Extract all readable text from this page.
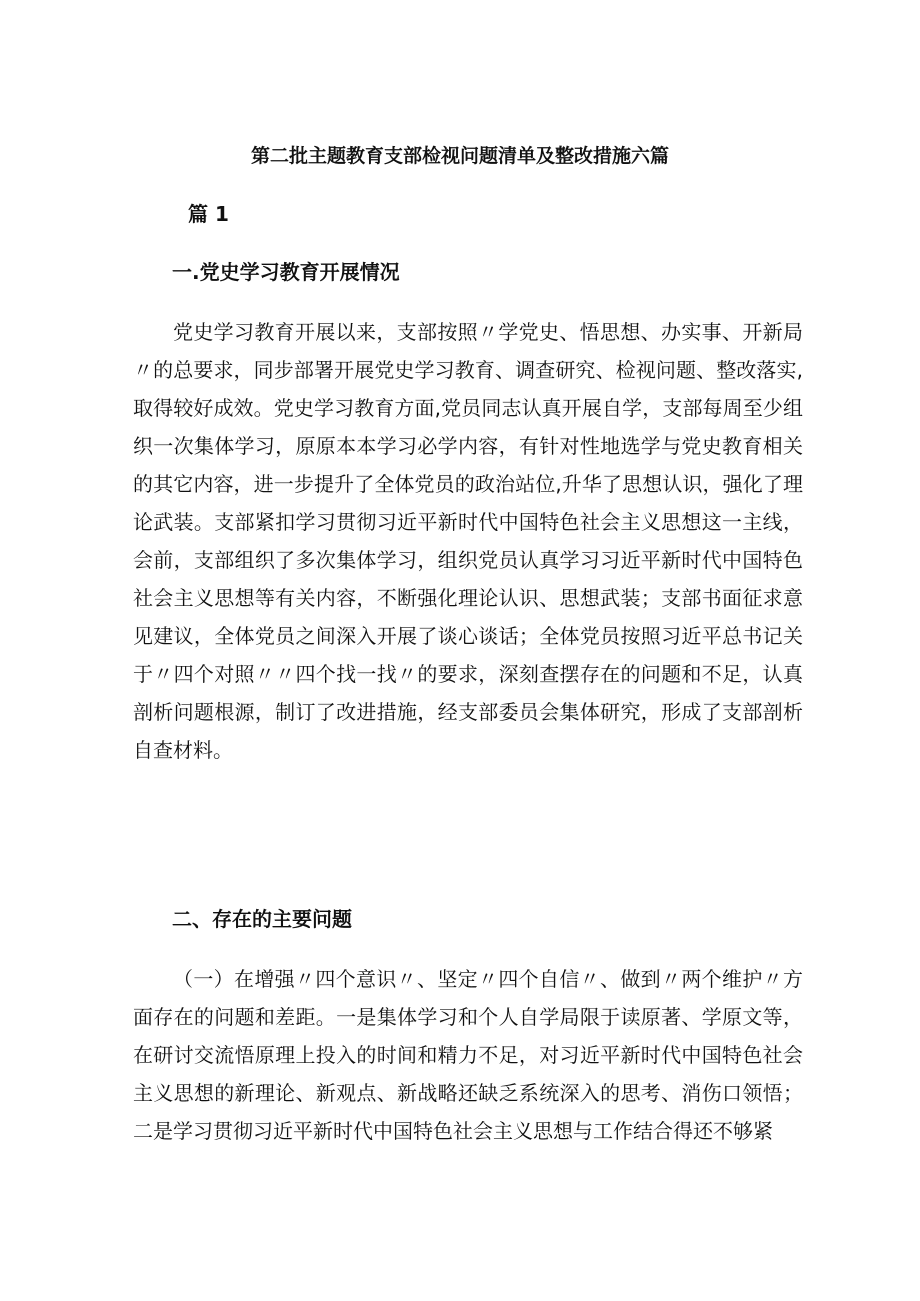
第二批主题教育支部检视问题清单及整改措施六篇
篇 1
一.党史学习教育开展情况

党史学习教育开展以来，支部按照〃学党史、悟思想、办实事、开新局〃的总要求，同步部署开展党史学习教育、调查研究、检视问题、整改落实,取得较好成效。党史学习教育方面,党员同志认真开展自学，支部每周至少组织一次集体学习，原原本本学习必学内容，有针对性地选学与党史教育相关的其它内容，进一步提升了全体党员的政治站位,升华了思想认识，强化了理论武装。支部紧扣学习贯彻习近平新时代中国特色社会主义思想这一主线，会前，支部组织了多次集体学习，组织党员认真学习习近平新时代中国特色社会主义思想等有关内容，不断强化理论认识、思想武装；支部书面征求意见建议，全体党员之间深入开展了谈心谈话；全体党员按照习近平总书记关于〃四个对照〃〃四个找一找〃的要求，深刻查摆存在的问题和不足，认真剖析问题根源，制订了改进措施，经支部委员会集体研究，形成了支部剖析自查材料。

二、存在的主要问题

（一）在增强〃四个意识〃、坚定〃四个自信〃、做到〃两个维护〃方面存在的问题和差距。一是集体学习和个人自学局限于读原著、学原文等，在研讨交流悟原理上投入的时间和精力不足，对习近平新时代中国特色社会主义思想的新理论、新观点、新战略还缺乏系统深入的思考、消伤口领悟；二是学习贯彻习近平新时代中国特色社会主义思想与工作结合得还不够紧
